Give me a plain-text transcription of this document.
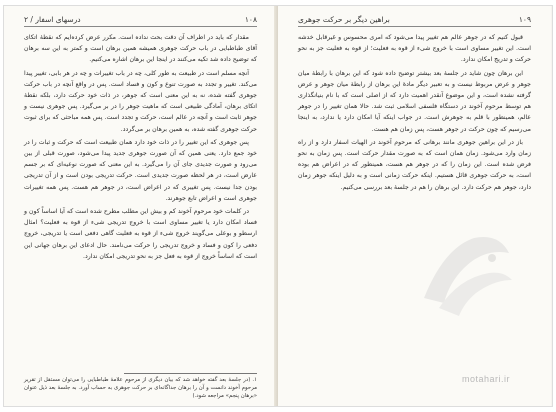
۱۰۸
درسهای اسفار / ۲

مقدار که باید در اطراف آن دقت بحث نداده است. مکرر عرض کرده‌ایم که نقطهٔ اتکای آقای طباطبایی در باب حرکت جوهری همیشه همین برهان است و کمتر به این سه برهان که توضیح داده شد تکیه می‌کنند در اینجا این برهان اشاره می‌کنیم.

آنچه مسلم است در طبیعت به طور کلی، چه در باب تغییرات و چه در هر بابی، تغییر پیدا می‌کند. تغییر و تجدد به صورت تنوع و کون و فساد است. پس در واقع آنچه در باب حرکت جوهری گفته شده، نه به این معنی است که جوهر، در ذات خود حرکت دارد، بلکه نقطهٔ اتکای برهان، آمادگی طبیعی است که ماهیت جوهر را در بر می‌گیرد. پس جوهری نیست و جوهر ثابت است و آنچه در عالم است، حرکت و تجدد است. پس همه مباحثی که برای ثبوت حرکت جوهری گفته شده، به همین برهان بر می‌گردد.

پس جوهری که این تغییر را در ذات خود دارد همان طبیعت است که حرکت و ثبات را در خود جمع دارد. یعنی همین که آن صورت جوهری جدید پیدا می‌شود، صورت قبلی از بین می‌رود و صورت جدیدی جای آن را می‌گیرد. به این معنی که صورت نوعیه‌ای که بر جسم عارض است، در هر لحظه صورت جدیدی است. حرکت تدریجی بودن است و از آن تدریجی بودن جدا نیست. پس تغییری که در اعراض است، در جوهر هم هست. پس همه تغییرات جوهری است و اعراض تابع جوهرند.

در کلمات خود مرحوم آخوند کم و بیش این مطلب مطرح شده است که آیا اساساً کون و فساد امکان دارد یا تغییر مساوی است با خروج تدریجی شیء از قوه به فعلیت؟ امثال ارسطو و بوعلی می‌گویند خروج شیء از قوه به فعلیت گاهی دفعی است یا تدریجی، خروج دفعی را کون و فساد و خروج تدریجی را حرکت می‌نامند. حال ادعای این برهان جهانی این است که اساساً خروج از قوه به فعل جز به نحو تدریجی امکان ندارد.

۱. (در جلسهٔ بعد گفته خواهد شد که بیان دیگری از مرحوم علامهٔ طباطبایی را می‌توان مستقل از تقریر مرحوم آخوند دانست و آن را برهان جداگانه‌ای بر حرکت جوهری به حساب آورد. به جلسهٔ بعد ذیل عنوان «برهان پنجم» مراجعه شود.)
۱۰۹
براهین دیگر بر حرکت جوهری

قبول کنیم که در جوهر عالم هم تغییر پیدا می‌شود که امری محسوس و غیرقابل خدشه است. این تغییر مساوی است با خروج شیء از قوه به فعلیت؛ از قوه به فعلیت جز به نحو حرکت و تدریج امکان ندارد.

این برهان چون شاید در جلسهٔ بعد بیشتر توضیح داده شود که این برهان با رابطهٔ میان جوهر و عرض مربوط نیست و به تعبیر دیگر مادهٔ این برهان از رابطهٔ میان جوهر و عرض گرفته نشده است، و این موضوع آنقدر اهمیت دارد که از اصلی است که با نام بنیانگذاری هم توسط مرحوم آخوند در دستگاه فلسفی اسلامی ثبت شد. حالا همان تغییر را در جوهر عالم، همینطور با قلم به جوهرش است. در جواب اینکه آیا امکان دارد یا ندارد، به اینجا می‌رسیم که چون حرکت در جوهر هست، پس زمان هم هست.

باز در این براهین جوهری مانند برهانی که مرحوم آخوند در الهیات اسفار دارد و از راه زمان وارد می‌شود. زمان همان است که به صورت مقدار حرکت است. پس زمان به نحو فرض شده است. این زمان را که در جوهر هم هست، همینطور که در اعراض هم بوده است، به حرکت جوهری قائل هستیم. اینکه حرکت زمانی است و به دلیل اینکه جوهر زمان دارد، جوهر هم حرکت دارد. این برهان را هم در جلسهٔ بعد بررسی می‌کنیم.

motahari.ir
